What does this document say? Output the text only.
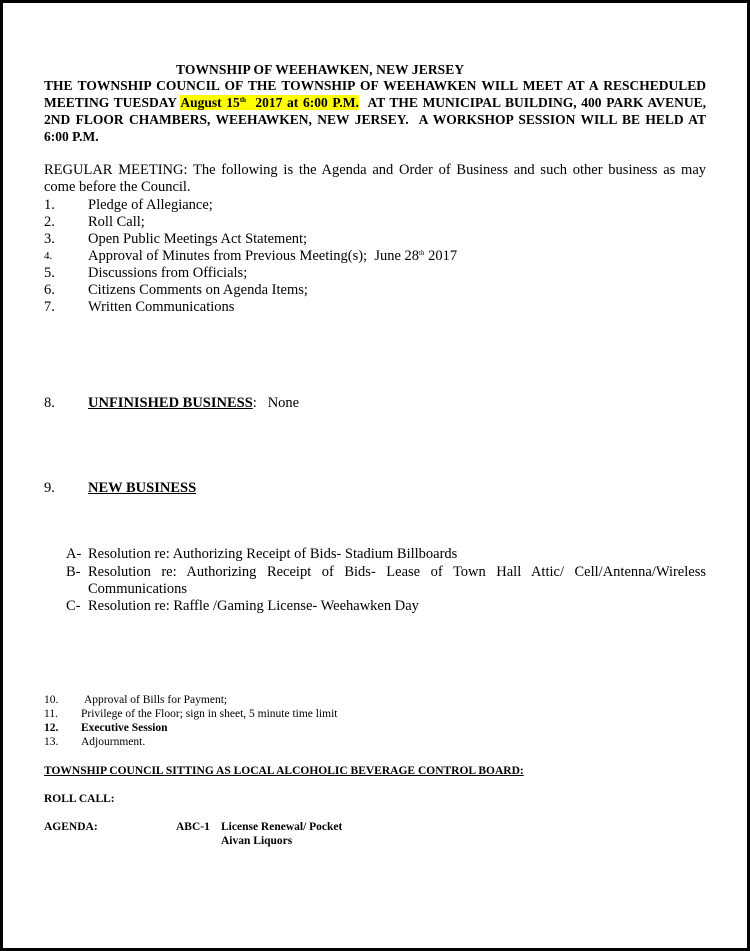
TOWNSHIP OF WEEHAWKEN, NEW JERSEY
THE TOWNSHIP COUNCIL OF THE TOWNSHIP OF WEEHAWKEN WILL MEET AT A RESCHEDULED MEETING TUESDAY August 15th  2017 at 6:00 P.M.  AT THE MUNICIPAL BUILDING, 400 PARK AVENUE, 2ND FLOOR CHAMBERS, WEEHAWKEN, NEW JERSEY.  A WORKSHOP SESSION WILL BE HELD AT 6:00 P.M.
REGULAR MEETING: The following is the Agenda and Order of Business and such other business as may come before the Council.
1. Pledge of Allegiance;
2. Roll Call;
3. Open Public Meetings Act Statement;
4. Approval of Minutes from Previous Meeting(s);  June 28th 2017
5. Discussions from Officials;
6. Citizens Comments on Agenda Items;
7. Written Communications
8. UNFINISHED BUSINESS:   None
9. NEW BUSINESS
A- Resolution re: Authorizing Receipt of Bids- Stadium Billboards
B- Resolution re: Authorizing Receipt of Bids- Lease of Town Hall Attic/ Cell/Antenna/Wireless
Communications
C- Resolution re: Raffle /Gaming License- Weehawken Day
10. Approval of Bills for Payment;
11. Privilege of the Floor; sign in sheet, 5 minute time limit
12. Executive Session
13. Adjournment.
TOWNSHIP COUNCIL SITTING AS LOCAL ALCOHOLIC BEVERAGE CONTROL BOARD:
ROLL CALL:
AGENDA:	ABC-1 License Renewal/ Pocket
Aivan Liquors
